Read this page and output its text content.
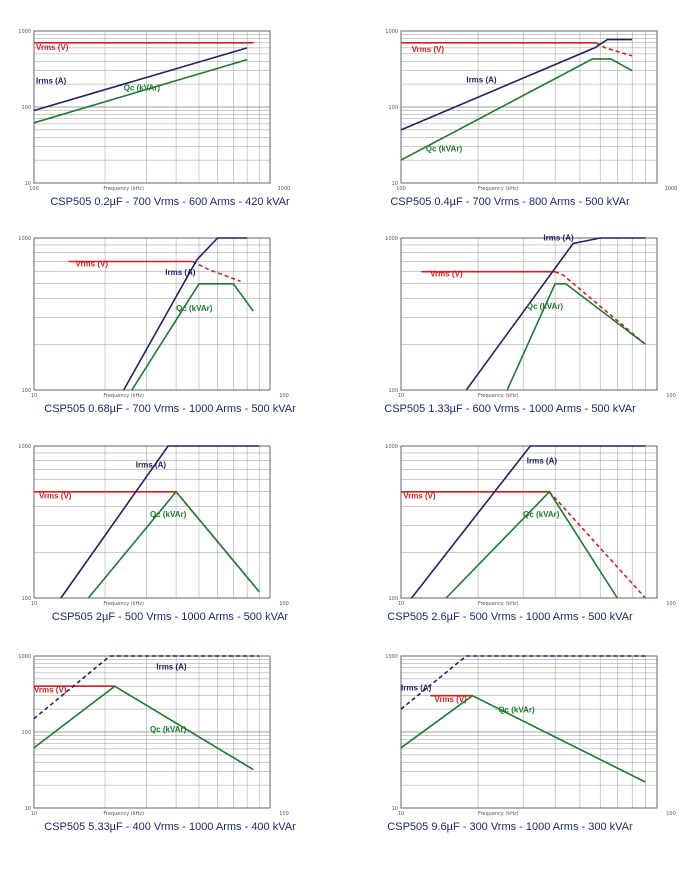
10
100
1000
100	1000
Frequency (kHz)
Vrms (V)
Irms (A)
Qc (kVAr)
CSP505 0.2µF - 700 Vrms - 600 Arms - 420 kVAr
10
100
1000
100	1000
Frequency (kHz)
Vrms (V)
Irms (A)
Qc (kVAr)
CSP505 0.4µF - 700 Vrms - 800 Arms - 500 kVAr
100
1000
10	100
Frequency (kHz)
Vrms (V)
Irms (A)
Qc (kVAr)
CSP505 0.68µF - 700 Vrms - 1000 Arms - 500 kVAr
100
1000
10	100
Frequency (kHz)
Vrms (V)
Irms (A)
Qc (kVAr)
CSP505 1.33µF - 600 Vrms - 1000 Arms - 500 kVAr
100
1000
10	100
Frequency (kHz)
Vrms (V)
Irms (A)
Qc (kVAr)
CSP505 2µF - 500 Vrms - 1000 Arms - 500 kVAr
100
1000
10	100
Frequency (kHz)
Vrms (V)
Irms (A)
Qc (kVAr)
CSP505 2.6µF - 500 Vrms - 1000 Arms - 500 kVAr
10
100
1000
10	100
Frequency (kHz)
Vrms (V)
Irms (A)
Qc (kVAr)
CSP505 5.33µF - 400 Vrms - 1000 Arms - 400 kVAr
10
1000
10	100
Frequency (kHz)
Vrms (V)
Irms (A)
Qc (kVAr)
CSP505 9.6µF - 300 Vrms - 1000 Arms - 300 kVAr
